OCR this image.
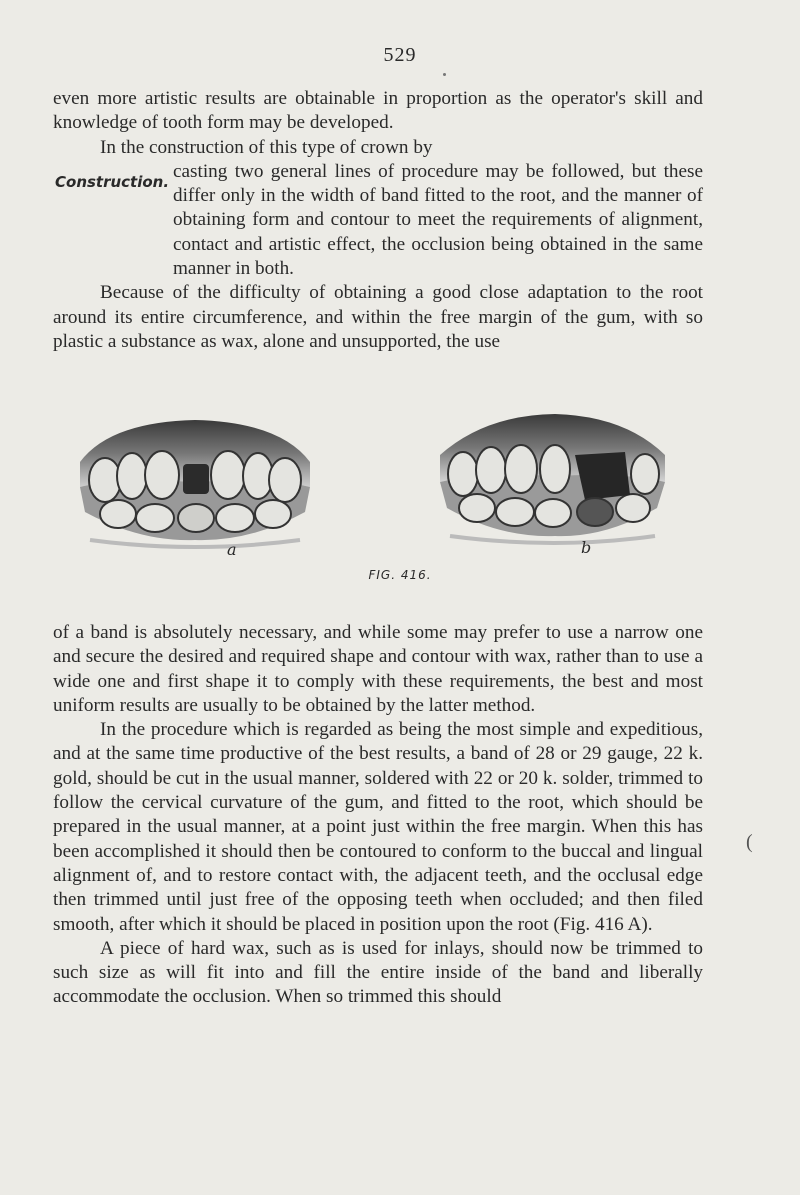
529
Construction.

even more artistic results are obtainable in proportion as the operator's skill and knowledge of tooth form may be developed.

In the construction of this type of crown by

casting two general lines of procedure may be followed, but these differ only in the width of band fitted to the root, and the manner of obtaining form and contour to meet the requirements of alignment, contact and artistic effect, the occlusion being obtained in the same manner in both.

Because of the difficulty of obtaining a good close adaptation to the root around its entire circumference, and within the free margin of the gum, with so plastic a substance as wax, alone and unsupported, the use

a	b
FIG. 416.

of a band is absolutely necessary, and while some may prefer to use a narrow one and secure the desired and required shape and contour with wax, rather than to use a wide one and first shape it to comply with these requirements, the best and most uniform results are usually to be obtained by the latter method.

In the procedure which is regarded as being the most simple and expeditious, and at the same time productive of the best results, a band of 28 or 29 gauge, 22 k. gold, should be cut in the usual manner, soldered with 22 or 20 k. solder, trimmed to follow the cervical curvature of the gum, and fitted to the root, which should be prepared in the usual manner, at a point just within the free margin. When this has been accomplished it should then be contoured to conform to the buccal and lingual alignment of, and to restore contact with, the adjacent teeth, and the occlusal edge then trimmed until just free of the opposing teeth when occluded; and then filed smooth, after which it should be placed in position upon the root (Fig. 416 A).

A piece of hard wax, such as is used for inlays, should now be trimmed to such size as will fit into and fill the entire inside of the band and liberally accommodate the occlusion. When so trimmed this should

(
